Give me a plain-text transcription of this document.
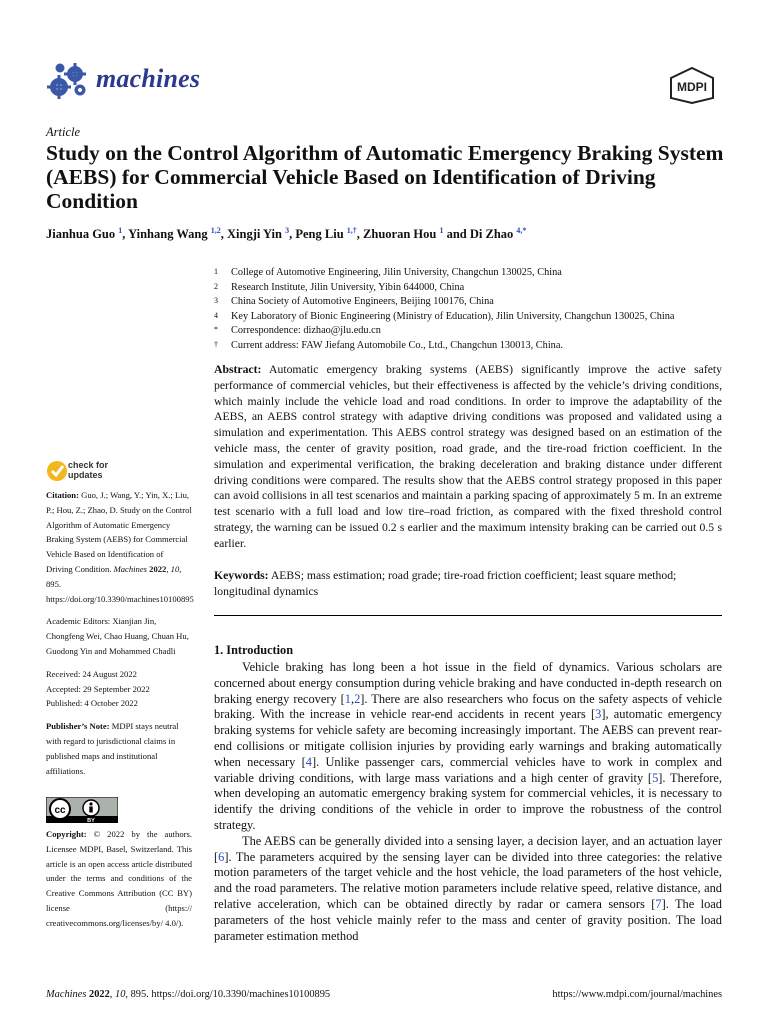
machines	MDPI
Article
Study on the Control Algorithm of Automatic Emergency Braking System (AEBS) for Commercial Vehicle Based on Identification of Driving Condition
Jianhua Guo $^1$, Yinhang Wang $^{1,2}$, Xingji Yin $^3$, Peng Liu $^{1,\dagger}$, Zhuoran Hou $^1$ and Di Zhao $^{4,*}$
1	College of Automotive Engineering, Jilin University, Changchun 130025, China
2	Research Institute, Jilin University, Yibin 644000, China
3	China Society of Automotive Engineers, Beijing 100176, China
4	Key Laboratory of Bionic Engineering (Ministry of Education), Jilin University, Changchun 130025, China
*	Correspondence: dizhao@jlu.edu.cn
†	Current address: FAW Jiefang Automobile Co., Ltd., Changchun 130013, China.
Abstract: Automatic emergency braking systems (AEBS) significantly improve the active safety performance of commercial vehicles, but their effectiveness is affected by the vehicle’s driving conditions, which mainly include the vehicle load and road conditions. In order to improve the adaptability of the AEBS, an AEBS control strategy with adaptive driving conditions was proposed and validated using a simulation and experimentation. This AEBS control strategy was designed based on an estimation of the vehicle mass, the center of gravity position, road grade, and the tire-road friction coefficient. In the simulation and experimental verification, the braking deceleration and braking distance under different driving conditions were compared. The results show that the AEBS control strategy proposed in this paper can avoid collisions in all test scenarios and maintain a parking spacing of approximately 5 m. In an extreme test scenario with a full load and low tire–road friction, as compared with the fixed threshold control strategy, the warning can be issued 0.2 s earlier and the maximum intensity braking can be carried out 0.5 s earlier.
Keywords: AEBS; mass estimation; road grade; tire-road friction coefficient; least square method; longitudinal dynamics
1. Introduction

Vehicle braking has long been a hot issue in the field of dynamics. Various scholars are concerned about energy consumption during vehicle braking and have conducted in-depth research on braking energy recovery [1,2]. There are also researchers who focus on the safety aspects of vehicle braking. With the increase in vehicle rear-end accidents in recent years [3], automatic emergency braking systems for vehicle safety are becoming increasingly important. The AEBS can prevent rear-end collisions or mitigate collision injuries by providing early warnings and braking automatically when necessary [4]. Unlike passenger cars, commercial vehicles have to work in complex and variable driving conditions, with large mass variations and a high center of gravity [5]. Therefore, when developing an automatic emergency braking system for commercial vehicles, it is necessary to identify the driving conditions of the vehicle in order to improve the robustness of the control strategy.

The AEBS can be generally divided into a sensing layer, a decision layer, and an actuation layer [6]. The parameters acquired by the sensing layer can be divided into three categories: the relative motion parameters of the target vehicle and the host vehicle, the load parameters of the host vehicle, and the road parameters. The relative motion parameters include relative speed, relative distance, and relative acceleration, which can be obtained directly by radar or camera sensors [7]. The load parameters of the host vehicle mainly refer to the mass and center of gravity position. The load parameter estimation method

check for
updates

Citation: Guo, J.; Wang, Y.; Yin, X.; Liu, P.; Hou, Z.; Zhao, D. Study on the Control Algorithm of Automatic Emergency Braking System (AEBS) for Commercial Vehicle Based on Identification of Driving Condition. Machines 2022, 10, 895. https://doi.org/10.3390/machines10100895

Academic Editors: Xianjian Jin, Chongfeng Wei, Chao Huang, Chuan Hu, Guodong Yin and Mohammed Chadli

Received: 24 August 2022
Accepted: 29 September 2022
Published: 4 October 2022

Publisher’s Note: MDPI stays neutral with regard to jurisdictional claims in published maps and institutional affiliations.

cc
BY
Copyright: © 2022 by the authors. Licensee MDPI, Basel, Switzerland. This article is an open access article distributed under the terms and conditions of the Creative Commons Attribution (CC BY) license (https:// creativecommons.org/licenses/by/ 4.0/).
Machines 2022, 10, 895. https://doi.org/10.3390/machines10100895	https://www.mdpi.com/journal/machines
